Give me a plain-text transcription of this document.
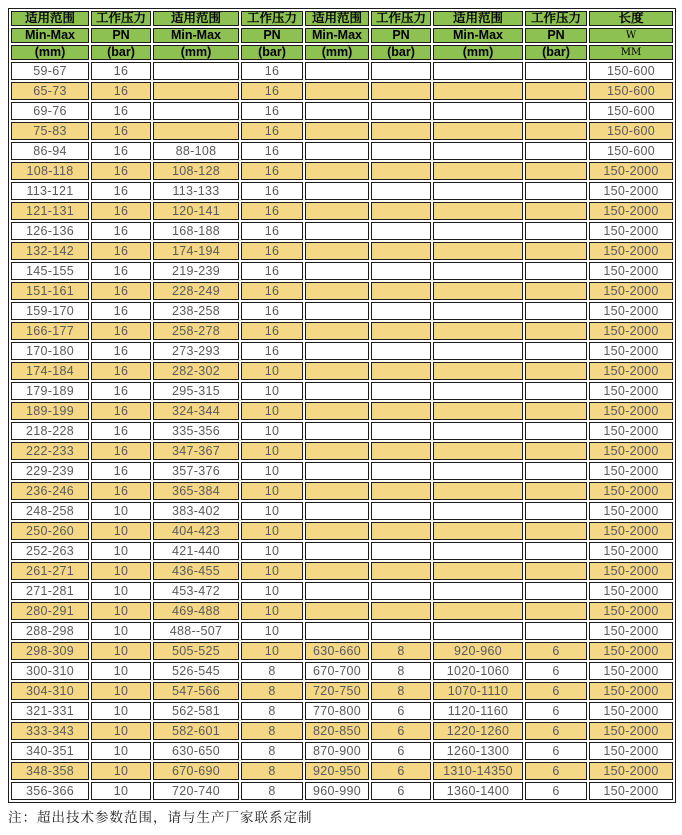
适用范围	工作压力	适用范围	工作压力	适用范围	工作压力	适用范围	工作压力	长度
Min-Max	PN	Min-Max	PN	Min-Max	PN	Min-Max	PN	W
(mm)	(bar)	(mm)	(bar)	(mm)	(bar)	(mm)	(bar)	MM
59-67	16		16					150-600
65-73	16		16					150-600
69-76	16		16					150-600
75-83	16		16					150-600
86-94	16	88-108	16					150-600
108-118	16	108-128	16					150-2000
113-121	16	113-133	16					150-2000
121-131	16	120-141	16					150-2000
126-136	16	168-188	16					150-2000
132-142	16	174-194	16					150-2000
145-155	16	219-239	16					150-2000
151-161	16	228-249	16					150-2000
159-170	16	238-258	16					150-2000
166-177	16	258-278	16					150-2000
170-180	16	273-293	16					150-2000
174-184	16	282-302	10					150-2000
179-189	16	295-315	10					150-2000
189-199	16	324-344	10					150-2000
218-228	16	335-356	10					150-2000
222-233	16	347-367	10					150-2000
229-239	16	357-376	10					150-2000
236-246	16	365-384	10					150-2000
248-258	10	383-402	10					150-2000
250-260	10	404-423	10					150-2000
252-263	10	421-440	10					150-2000
261-271	10	436-455	10					150-2000
271-281	10	453-472	10					150-2000
280-291	10	469-488	10					150-2000
288-298	10	488--507	10					150-2000
298-309	10	505-525	10	630-660	8	920-960	6	150-2000
300-310	10	526-545	8	670-700	8	1020-1060	6	150-2000
304-310	10	547-566	8	720-750	8	1070-1110	6	150-2000
321-331	10	562-581	8	770-800	6	1120-1160	6	150-2000
333-343	10	582-601	8	820-850	6	1220-1260	6	150-2000
340-351	10	630-650	8	870-900	6	1260-1300	6	150-2000
348-358	10	670-690	8	920-950	6	1310-14350	6	150-2000
356-366	10	720-740	8	960-990	6	1360-1400	6	150-2000
注：超出技术参数范围，请与生产厂家联系定制
